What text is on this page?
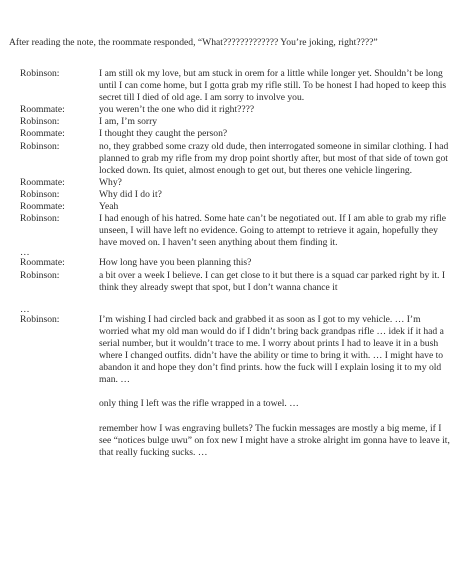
After reading the note, the roommate responded, “What????????????? You’re joking, right????”
Robinson:	I am still ok my love, but am stuck in orem for a little while longer yet. Shouldn’t be long until I can come home, but I gotta grab my rifle still. To be honest I had hoped to keep this secret till I died of old age. I am sorry to involve you.
Roommate:	you weren’t the one who did it right????
Robinson:	I am, I’m sorry
Roommate:	I thought they caught the person?
Robinson:	no, they grabbed some crazy old dude, then interrogated someone in similar clothing. I had planned to grab my rifle from my drop point shortly after, but most of that side of town got locked down. Its quiet, almost enough to get out, but theres one vehicle lingering.
Roommate:	Why?
Robinson:	Why did I do it?
Roommate:	Yeah
Robinson:	I had enough of his hatred. Some hate can’t be negotiated out. If I am able to grab my rifle unseen, I will have left no evidence. Going to attempt to retrieve it again, hopefully they have moved on. I haven’t seen anything about them finding it.
…
Roommate:	How long have you been planning this?
Robinson:	a bit over a week I believe. I can get close to it but there is a squad car parked right by it. I think they already swept that spot, but I don’t wanna chance it
…
Robinson:	I’m wishing I had circled back and grabbed it as soon as I got to my vehicle. … I’m worried what my old man would do if I didn’t bring back grandpas rifle … idek if it had a serial number, but it wouldn’t trace to me. I worry about prints I had to leave it in a bush where I changed outfits. didn’t have the ability or time to bring it with. … I might have to abandon it and hope they don’t find prints. how the fuck will I explain losing it to my old man. …
only thing I left was the rifle wrapped in a towel. …
remember how I was engraving bullets? The fuckin messages are mostly a big meme, if I see “notices bulge uwu” on fox new I might have a stroke alright im gonna have to leave it, that really fucking sucks. …
